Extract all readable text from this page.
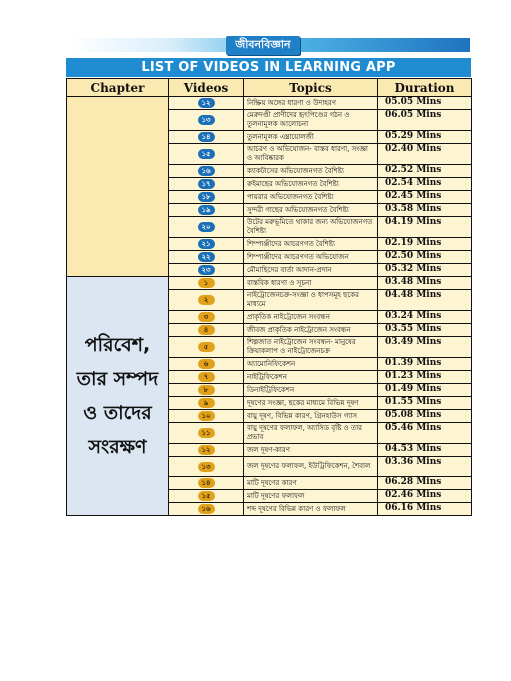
জীবনবিজ্ঞান
LIST OF VIDEOS IN LEARNING APP
Chapter	Videos	Topics	Duration
	১২	নিষ্ক্রিয় অঙ্গের ধারণা ও উদাহরণ	05.05 Mins
	১৩	মেরুদণ্ডী প্রাণীদের হৃৎপিণ্ডের গঠন ও তুলনামূলক আলোচনা	06.05 Mins
	১৪	তুলনামূলক এম্ব্রায়োলজী	05.29 Mins
	১৫	আচরণ ও অভিযোজন- বাস্তব ধারণা, সংজ্ঞা ও আবিষ্কারক	02.40 Mins
	১৬	ক্যাকটাসের অভিযোজনগত বৈশিষ্ট্য	02.52 Mins
	১৭	রুইমাছের অভিযোজনগত বৈশিষ্ট্য	02.54 Mins
	১৮	পায়রার অভিযোজনগত বৈশিষ্ট্য	02.45 Mins
	১৯	সুন্দরী গাছের অভিযোজনগত বৈশিষ্ট্য	03.58 Mins
	২০	উটের মরুভূমিতে থাকার জন্য অভিযোজনগত বৈশিষ্ট্য	04.19 Mins
	২১	শিম্পাঞ্জীদের আচরণগত বৈশিষ্ট্য	02.19 Mins
	২২	শিম্পাঞ্জীদের আচরণগত অভিযোজন	02.50 Mins
	২৩	মৌমাছিদের বার্তা আদান-প্রদান	05.32 Mins
পরিবেশ, তার সম্পদ ও তাদের সংরক্ষণ	১	বাস্তবিক ধারণা ও সূচনা	03.48 Mins
	২	নাইট্রোজেনচক্র-সংজ্ঞা ও ধাপসমূহ ছকের মাধ্যমে	04.48 Mins
	৩	প্রাকৃতিক নাইট্রোজেন সংবন্ধন	03.24 Mins
	৪	জীবজ প্রাকৃতিক নাইট্রোজেন সংবন্ধন	03.55 Mins
	৫	শিল্পজাত নাইট্রোজেন সংবন্ধন- মানুষের ক্রিয়াকলাপ ও নাইট্রোজেনচক্র	03.49 Mins
	৬	অ্যামোনিফিকেশন	01.39 Mins
	৭	নাইট্রিফিকেশন	01.23 Mins
	৮	ডিনাইট্রিফিকেশন	01.49 Mins
	৯	দূষণের সংজ্ঞা, ছকের মাধ্যমে বিভিন্ন দূষণ	01.55 Mins
	১০	বায়ু দূষণ, বিভিন্ন কারণ, গ্রিনহাউস গ্যাস	05.08 Mins
	১১	বায়ু দূষণের ফলাফল, অ্যাসিড বৃষ্টি ও তার প্রভাব	05.46 Mins
	১২	জল দূষণ-কারণ	04.53 Mins
	১৩	জল দূষণের ফলাফল, ইউট্রিফিকেশন, শৈবাল	03.36 Mins
	১৪	মাটি দূষণের কারণ	06.28 Mins
	১৫	মাটি দূষণের ফলাফল	02.46 Mins
	১৬	শব্দ দূষণের বিভিন্ন কারণ ও ফলাফল	06.16 Mins
